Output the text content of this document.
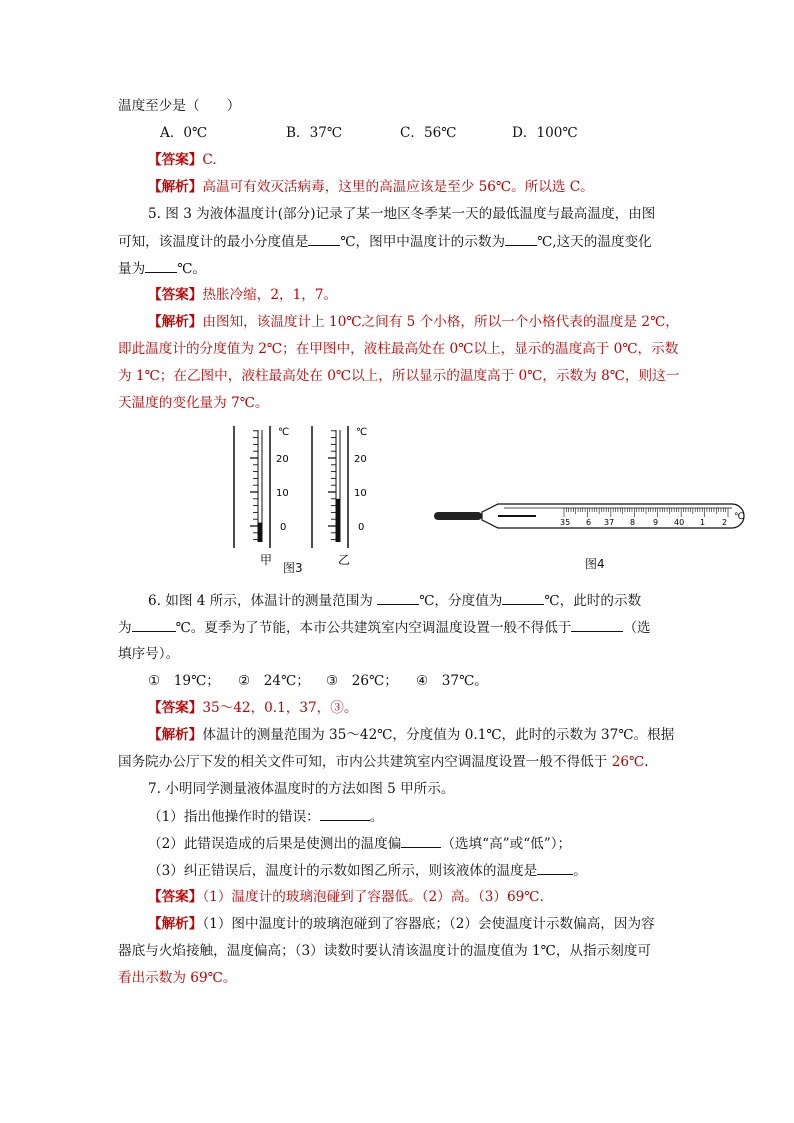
温度至少是（　　）
A．0℃	B．37℃	C．56℃	D．100℃
【答案】C.
【解析】高温可有效灭活病毒，这里的高温应该是至少 56℃。所以选 C。
5. 图 3 为液体温度计(部分)记录了某一地区冬季某一天的最低温度与最高温度，由图
可知，该温度计的最小分度值是 ℃，图甲中温度计的示数为 ℃,这天的温度变化
量为 ℃。
【答案】热胀冷缩，2，1，7。
【解析】由图知，该温度计上 10℃之间有 5 个小格，所以一个小格代表的温度是 2℃，
即此温度计的分度值为 2℃；在甲图中，液柱最高处在 0℃以上，显示的温度高于 0℃，示数
为 1℃；在乙图中，液柱最高处在 0℃以上，所以显示的温度高于 0℃，示数为 8℃，则这一
天温度的变化量为 7℃。
℃
20
10
0
甲
℃
20
10
0
乙
图3
35 6 37 8 9 40 1 2
℃
图4
6. 如图 4 所示，体温计的测量范围为	℃，分度值为	℃，此时的示数
为	℃。夏季为了节能，本市公共建筑室内空调温度设置一般不得低于	（选
填序号）。
①　19℃； ②　24℃； ③　26℃； ④　37℃。
【答案】35～42，0.1，37，③。
【解析】体温计的测量范围为 35～42℃，分度值为 0.1℃，此时的示数为 37℃。根据
国务院办公厅下发的相关文件可知，市内公共建筑室内空调温度设置一般不得低于 26℃.
7. 小明同学测量液体温度时的方法如图 5 甲所示。
（1）指出他操作时的错误：	。
（2）此错误造成的后果是使测出的温度偏	（选填“高”或“低”）；
（3）纠正错误后，温度计的示数如图乙所示，则该液体的温度是	。
【答案】（1）温度计的玻璃泡碰到了容器低。（2）高。（3）69℃.
【解析】（1）图中温度计的玻璃泡碰到了容器底；（2）会使温度计示数偏高，因为容
器底与火焰接触，温度偏高；（3）读数时要认清该温度计的温度值为 1℃，从指示刻度可
看出示数为 69℃。
